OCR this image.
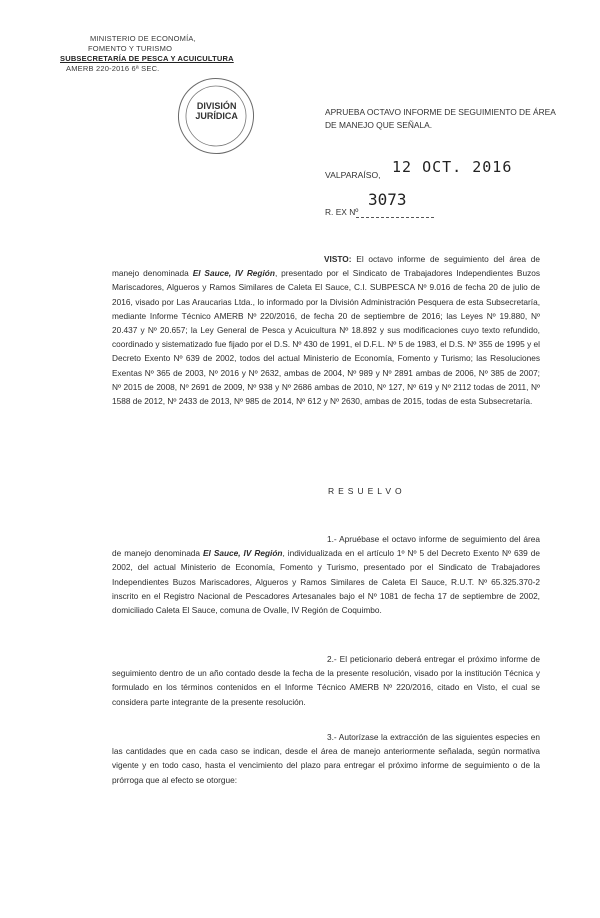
MINISTERIO DE ECONOMÍA,
FOMENTO Y TURISMO
SUBSECRETARÍA DE PESCA Y ACUICULTURA
AMERB 220-2016 6ª SEC.
DIVISIÓN
JURÍDICA	APRUEBA OCTAVO INFORME DE SEGUIMIENTO DE ÁREA DE MANEJO QUE SEÑALA.
VALPARAÍSO, 12 OCT. 2016
R. EX Nº
3073
VISTO: El octavo informe de seguimiento del área de manejo denominada El Sauce, IV Región, presentado por el Sindicato de Trabajadores Independientes Buzos Mariscadores, Algueros y Ramos Similares de Caleta El Sauce, C.I. SUBPESCA Nº 9.016 de fecha 20 de julio de 2016, visado por Las Araucarias Ltda., lo informado por la División Administración Pesquera de esta Subsecretaría, mediante Informe Técnico AMERB Nº 220/2016, de fecha 20 de septiembre de 2016; las Leyes Nº 19.880, Nº 20.437 y Nº 20.657; la Ley General de Pesca y Acuicultura Nº 18.892 y sus modificaciones cuyo texto refundido, coordinado y sistematizado fue fijado por el D.S. Nº 430 de 1991, el D.F.L. Nº 5 de 1983, el D.S. Nº 355 de 1995 y el Decreto Exento Nº 639 de 2002, todos del actual Ministerio de Economía, Fomento y Turismo; las Resoluciones Exentas Nº 365 de 2003, Nº 2016 y Nº 2632, ambas de 2004, Nº 989 y Nº 2891 ambas de 2006, Nº 385 de 2007; Nº 2015 de 2008, Nº 2691 de 2009, Nº 938 y Nº 2686 ambas de 2010, Nº 127, Nº 619 y Nº 2112 todas de 2011, Nº 1588 de 2012, Nº 2433 de 2013, Nº 985 de 2014, Nº 612 y Nº 2630, ambas de 2015, todas de esta Subsecretaría.
RESUELVO
1.- Apruébase el octavo informe de seguimiento del área de manejo denominada El Sauce, IV Región, individualizada en el artículo 1º Nº 5 del Decreto Exento Nº 639 de 2002, del actual Ministerio de Economía, Fomento y Turismo, presentado por el Sindicato de Trabajadores Independientes Buzos Mariscadores, Algueros y Ramos Similares de Caleta El Sauce, R.U.T. Nº 65.325.370-2 inscrito en el Registro Nacional de Pescadores Artesanales bajo el Nº 1081 de fecha 17 de septiembre de 2002, domiciliado Caleta El Sauce, comuna de Ovalle, IV Región de Coquimbo.
2.- El peticionario deberá entregar el próximo informe de seguimiento dentro de un año contado desde la fecha de la presente resolución, visado por la institución Técnica y formulado en los términos contenidos en el Informe Técnico AMERB Nº 220/2016, citado en Visto, el cual se considera parte integrante de la presente resolución.
3.- Autorízase la extracción de las siguientes especies en las cantidades que en cada caso se indican, desde el área de manejo anteriormente señalada, según normativa vigente y en todo caso, hasta el vencimiento del plazo para entregar el próximo informe de seguimiento o de la prórroga que al efecto se otorgue:
